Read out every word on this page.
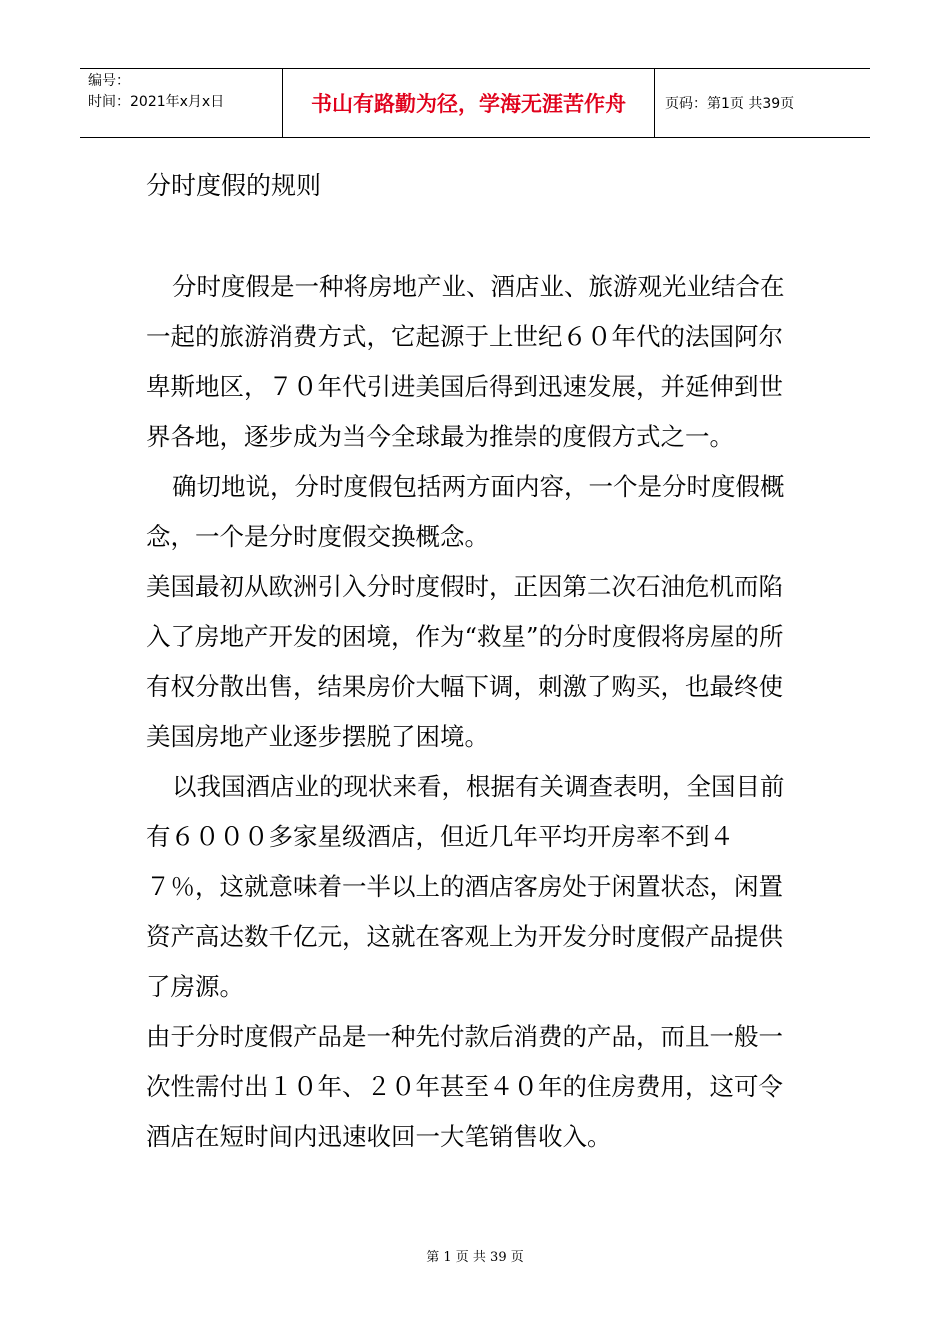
编号：
时间：2021年x月x日	书山有路勤为径，学海无涯苦作舟	页码：第1页 共39页
分时度假的规则

分时度假是一种将房地产业、酒店业、旅游观光业结合在一起的旅游消费方式，它起源于上世纪６０年代的法国阿尔卑斯地区，７０年代引进美国后得到迅速发展，并延伸到世界各地，逐步成为当今全球最为推崇的度假方式之一。

确切地说，分时度假包括两方面内容，一个是分时度假概念，一个是分时度假交换概念。

美国最初从欧洲引入分时度假时，正因第二次石油危机而陷入了房地产开发的困境，作为“救星”的分时度假将房屋的所有权分散出售，结果房价大幅下调，刺激了购买，也最终使美国房地产业逐步摆脱了困境。

以我国酒店业的现状来看，根据有关调查表明，全国目前有６０００多家星级酒店，但近几年平均开房率不到４７％，这就意味着一半以上的酒店客房处于闲置状态，闲置资产高达数千亿元，这就在客观上为开发分时度假产品提供了房源。

由于分时度假产品是一种先付款后消费的产品，而且一般一次性需付出１０年、２０年甚至４０年的住房费用，这可令酒店在短时间内迅速收回一大笔销售收入。

第 1 页 共 39 页
